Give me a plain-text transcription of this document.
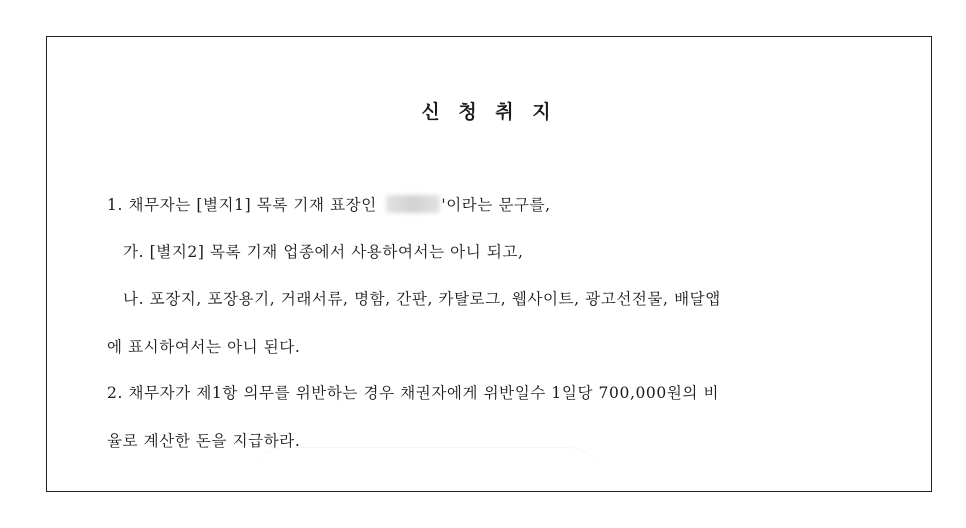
신 청 취 지
1. 채무자는 [별지1] 목록 기재 표장인	'이라는 문구를,
가. [별지2] 목록 기재 업종에서 사용하여서는 아니 되고,
나. 포장지, 포장용기, 거래서류, 명함, 간판, 카탈로그, 웹사이트, 광고선전물, 배달앱
에 표시하여서는 아니 된다.
2. 채무자가 제1항 의무를 위반하는 경우 채권자에게 위반일수 1일당 700,000원의 비
율로 계산한 돈을 지급하라.
